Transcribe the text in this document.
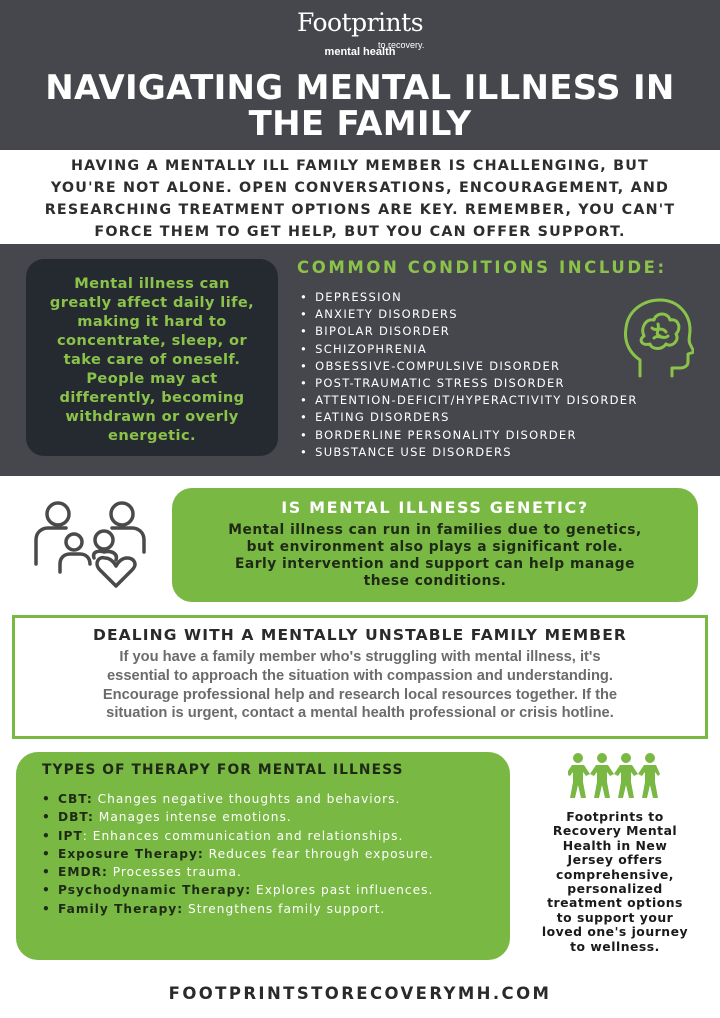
Footprints
to recovery.
mental health
NAVIGATING MENTAL ILLNESS IN
THE FAMILY
HAVING A MENTALLY ILL FAMILY MEMBER IS CHALLENGING, BUT
YOU'RE NOT ALONE. OPEN CONVERSATIONS, ENCOURAGEMENT, AND
RESEARCHING TREATMENT OPTIONS ARE KEY. REMEMBER, YOU CAN'T
FORCE THEM TO GET HELP, BUT YOU CAN OFFER SUPPORT.
Mental illness can
greatly affect daily life,
making it hard to
concentrate, sleep, or
take care of oneself.
People may act
differently, becoming
withdrawn or overly
energetic.
COMMON CONDITIONS INCLUDE:
• DEPRESSION
• ANXIETY DISORDERS
• BIPOLAR DISORDER
• SCHIZOPHRENIA
• OBSESSIVE-COMPULSIVE DISORDER
• POST-TRAUMATIC STRESS DISORDER
• ATTENTION-DEFICIT/HYPERACTIVITY DISORDER
• EATING DISORDERS
• BORDERLINE PERSONALITY DISORDER
• SUBSTANCE USE DISORDERS
IS MENTAL ILLNESS GENETIC?
Mental illness can run in families due to genetics,
but environment also plays a significant role.
Early intervention and support can help manage
these conditions.
DEALING WITH A MENTALLY UNSTABLE FAMILY MEMBER
If you have a family member who's struggling with mental illness, it's
essential to approach the situation with compassion and understanding.
Encourage professional help and research local resources together. If the
situation is urgent, contact a mental health professional or crisis hotline.
TYPES OF THERAPY FOR MENTAL ILLNESS
• CBT: Changes negative thoughts and behaviors.
• DBT: Manages intense emotions.
• IPT: Enhances communication and relationships.
• Exposure Therapy: Reduces fear through exposure.
• EMDR: Processes trauma.
• Psychodynamic Therapy: Explores past influences.
• Family Therapy: Strengthens family support.
Footprints to
Recovery Mental
Health in New
Jersey offers
comprehensive,
personalized
treatment options
to support your
loved one's journey
to wellness.
FOOTPRINTSTORECOVERYMH.COM
